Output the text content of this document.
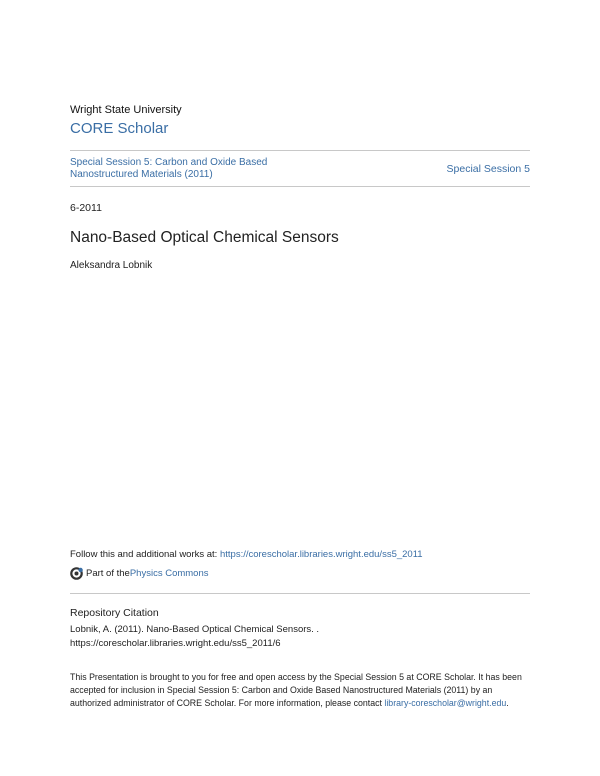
Wright State University
CORE Scholar
Special Session 5: Carbon and Oxide Based Nanostructured Materials (2011)	Special Session 5
6-2011
Nano-Based Optical Chemical Sensors
Aleksandra Lobnik
Follow this and additional works at: https://corescholar.libraries.wright.edu/ss5_2011
Part of the Physics Commons
Repository Citation
Lobnik, A. (2011). Nano-Based Optical Chemical Sensors. .
https://corescholar.libraries.wright.edu/ss5_2011/6
This Presentation is brought to you for free and open access by the Special Session 5 at CORE Scholar. It has been accepted for inclusion in Special Session 5: Carbon and Oxide Based Nanostructured Materials (2011) by an authorized administrator of CORE Scholar. For more information, please contact library-corescholar@wright.edu.
